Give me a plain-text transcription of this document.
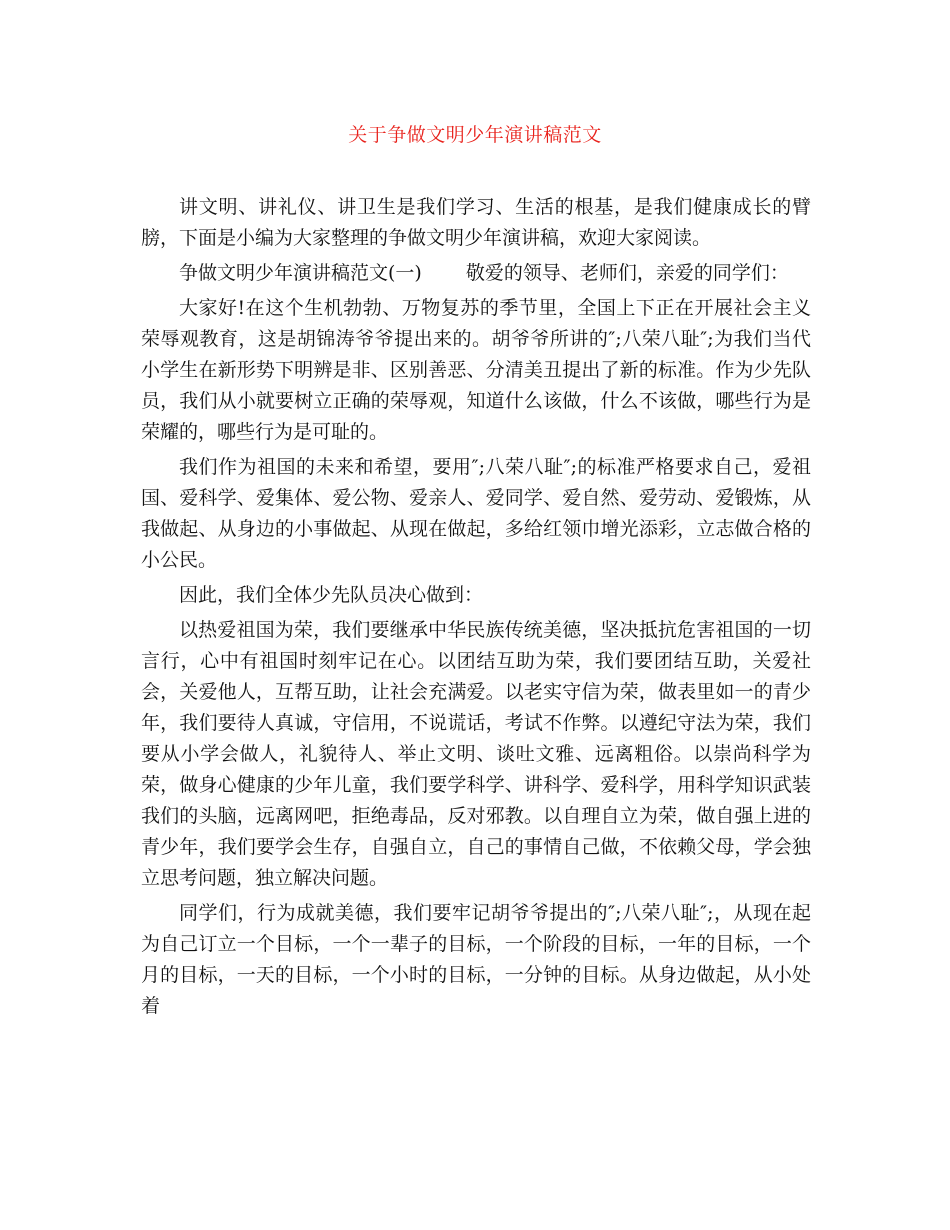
关于争做文明少年演讲稿范文

讲文明、讲礼仪、讲卫生是我们学习、生活的根基，是我们健康成长的臂膀，下面是小编为大家整理的争做文明少年演讲稿，欢迎大家阅读。

争做文明少年演讲稿范文(一) 敬爱的领导、老师们，亲爱的同学们：

大家好!在这个生机勃勃、万物复苏的季节里，全国上下正在开展社会主义荣辱观教育，这是胡锦涛爷爷提出来的。胡爷爷所讲的″;八荣八耻″;为我们当代小学生在新形势下明辨是非、区别善恶、分清美丑提出了新的标准。作为少先队员，我们从小就要树立正确的荣辱观，知道什么该做，什么不该做，哪些行为是荣耀的，哪些行为是可耻的。

我们作为祖国的未来和希望，要用″;八荣八耻″;的标准严格要求自己，爱祖国、爱科学、爱集体、爱公物、爱亲人、爱同学、爱自然、爱劳动、爱锻炼，从我做起、从身边的小事做起、从现在做起，多给红领巾增光添彩，立志做合格的小公民。

因此，我们全体少先队员决心做到：

以热爱祖国为荣，我们要继承中华民族传统美德，坚决抵抗危害祖国的一切言行，心中有祖国时刻牢记在心。以团结互助为荣，我们要团结互助，关爱社会，关爱他人，互帮互助，让社会充满爱。以老实守信为荣，做表里如一的青少年，我们要待人真诚，守信用，不说谎话，考试不作弊。以遵纪守法为荣，我们要从小学会做人，礼貌待人、举止文明、谈吐文雅、远离粗俗。以崇尚科学为荣，做身心健康的少年儿童，我们要学科学、讲科学、爱科学，用科学知识武装我们的头脑，远离网吧，拒绝毒品，反对邪教。以自理自立为荣，做自强上进的青少年，我们要学会生存，自强自立，自己的事情自己做，不依赖父母，学会独立思考问题，独立解决问题。

同学们，行为成就美德，我们要牢记胡爷爷提出的″;八荣八耻″;，从现在起为自己订立一个目标，一个一辈子的目标，一个阶段的目标，一年的目标，一个月的目标，一天的目标，一个小时的目标，一分钟的目标。从身边做起，从小处着
